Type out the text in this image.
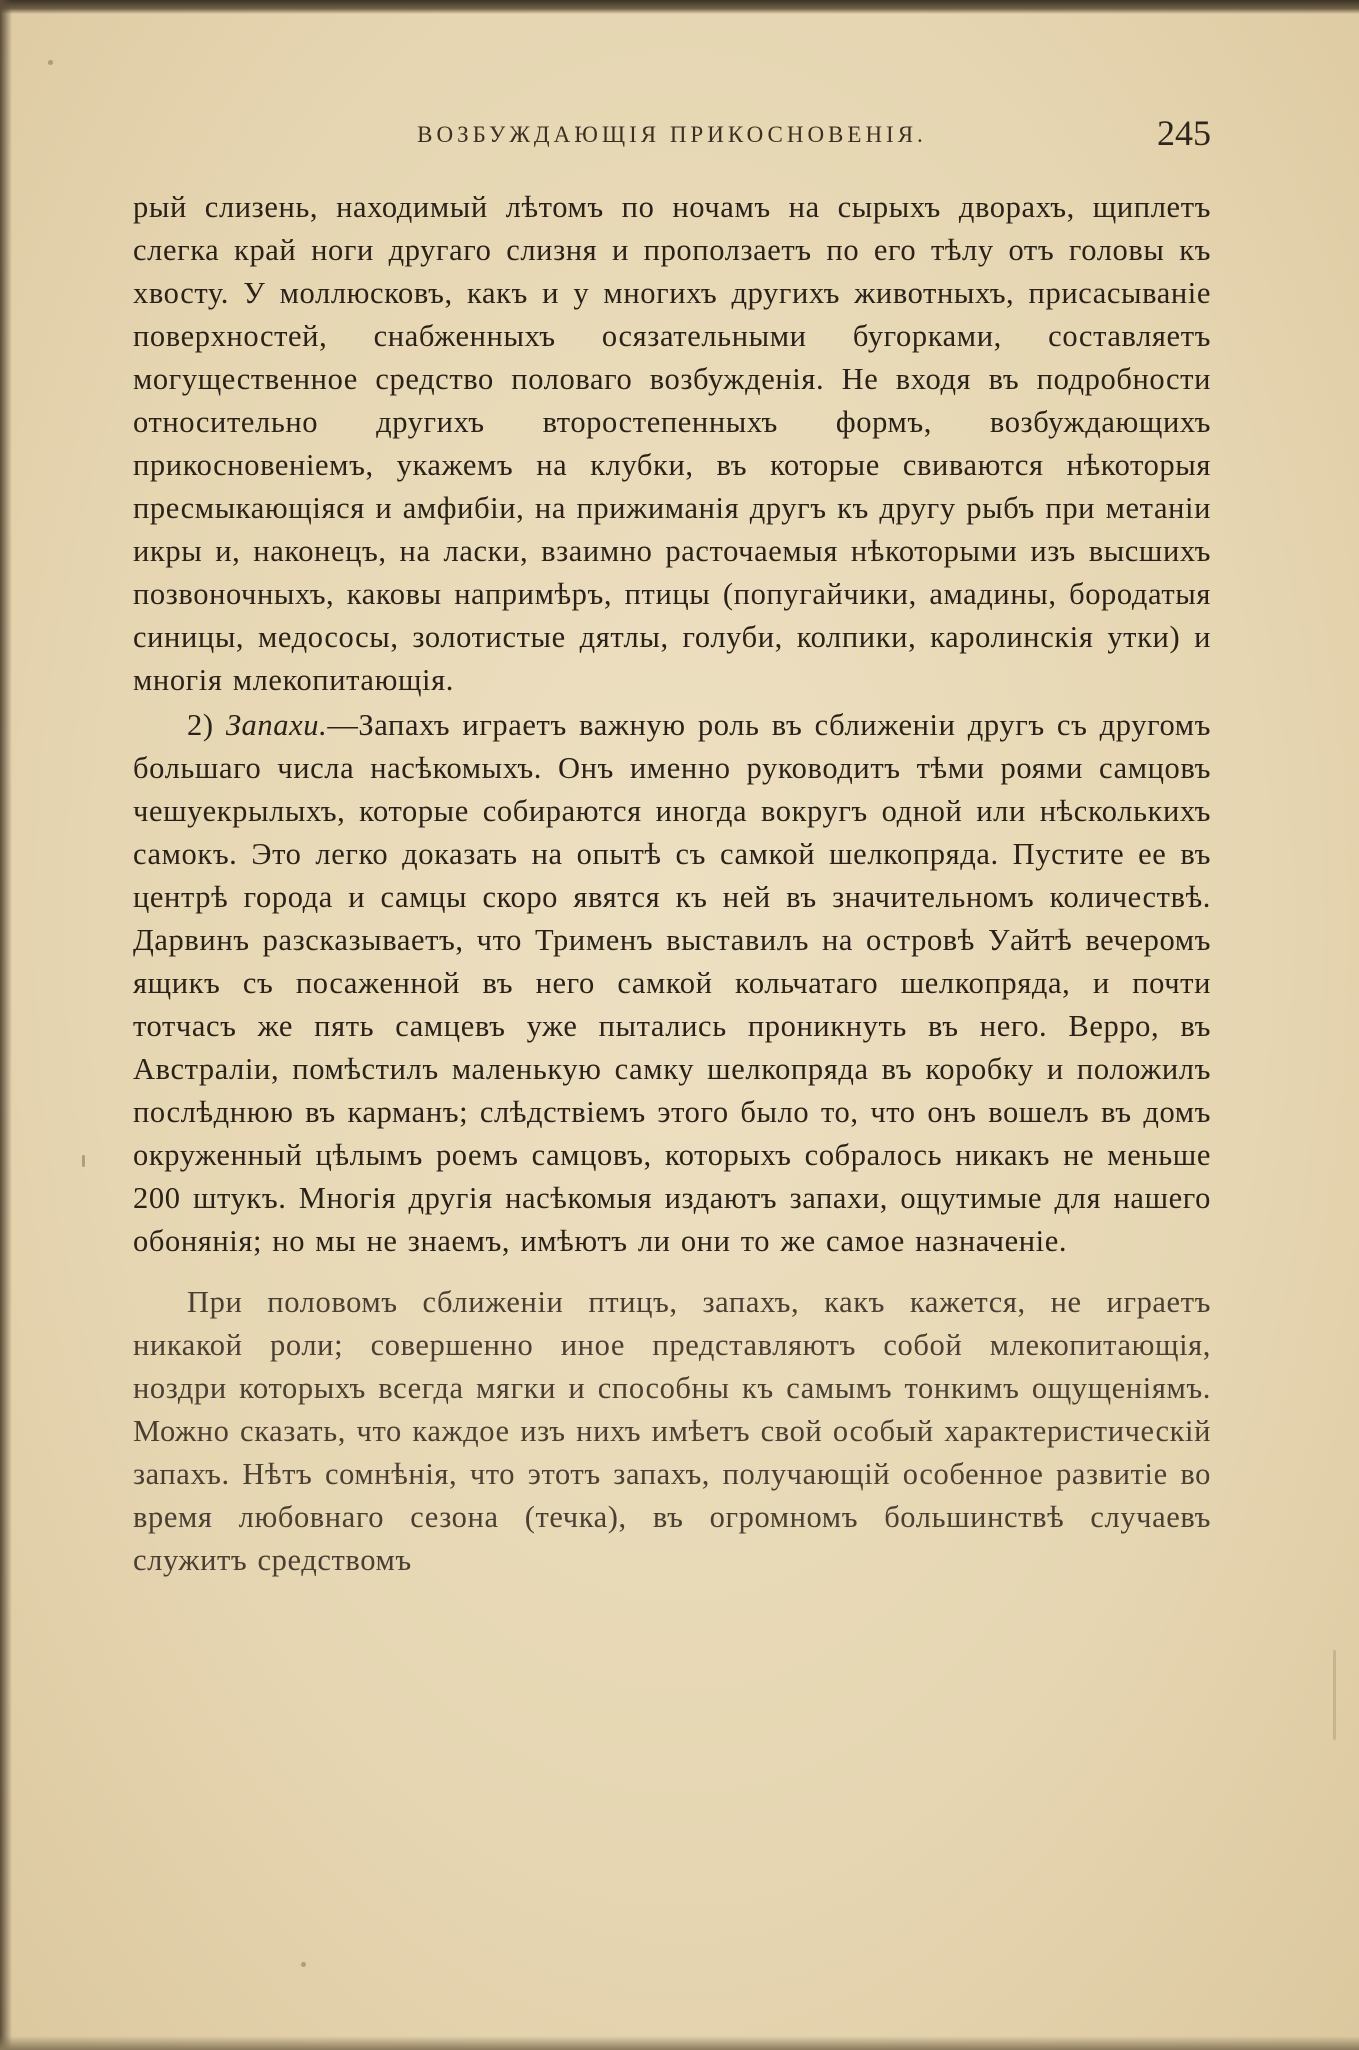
ВОЗБУЖДАЮЩІЯ ПРИКОСНОВЕНІЯ.	245

рый слизень, находимый лѣтомъ по ночамъ на сырыхъ дворахъ, щиплетъ слегка край ноги другаго слизня и проползаетъ по его тѣлу отъ головы къ хвосту. У моллюсковъ, какъ и у многихъ другихъ животныхъ, присасываніе поверхностей, снабженныхъ осязательными бугорками, составляетъ могущественное средство половаго возбужденія. Не входя въ подробности относительно другихъ второстепенныхъ формъ, возбуждающихъ прикосновеніемъ, укажемъ на клубки, въ которые свиваются нѣкоторыя пресмыкающіяся и амфибіи, на прижиманія другъ къ другу рыбъ при метаніи икры и, наконецъ, на ласки, взаимно расточаемыя нѣкоторыми изъ высшихъ позвоночныхъ, каковы напримѣръ, птицы (попугайчики, амадины, бородатыя синицы, медососы, золотистые дятлы, голуби, колпики, каролинскія утки) и многія млекопитающія.

2) Запахи.—Запахъ играетъ важную роль въ сближеніи другъ съ другомъ большаго числа насѣкомыхъ. Онъ именно руководитъ тѣми роями самцовъ чешуекрылыхъ, которые собираются иногда вокругъ одной или нѣсколькихъ самокъ. Это легко доказать на опытѣ съ самкой шелкопряда. Пустите ее въ центрѣ города и самцы скоро явятся къ ней въ значительномъ количествѣ. Дарвинъ разсказываетъ, что Трименъ выставилъ на островѣ Уайтѣ вечеромъ ящикъ съ посаженной въ него самкой кольчатаго шелкопряда, и почти тотчасъ же пять самцевъ уже пытались проникнуть въ него. Верро, въ Австраліи, помѣстилъ маленькую самку шелкопряда въ коробку и положилъ послѣднюю въ карманъ; слѣдствіемъ этого было то, что онъ вошелъ въ домъ окруженный цѣлымъ роемъ самцовъ, которыхъ собралось никакъ не меньше 200 штукъ. Многія другія насѣкомыя издаютъ запахи, ощутимые для нашего обонянія; но мы не знаемъ, имѣютъ ли они то же самое назначеніе.

При половомъ сближеніи птицъ, запахъ, какъ кажется, не играетъ никакой роли; совершенно иное представляютъ собой млекопитающія, ноздри которыхъ всегда мягки и способны къ самымъ тонкимъ ощущеніямъ. Можно сказать, что каждое изъ нихъ имѣетъ свой особый характеристическій запахъ. Нѣтъ сомнѣнія, что этотъ запахъ, получающій особенное развитіе во время любовнаго сезона (течка), въ огромномъ большинствѣ случаевъ служитъ средствомъ
